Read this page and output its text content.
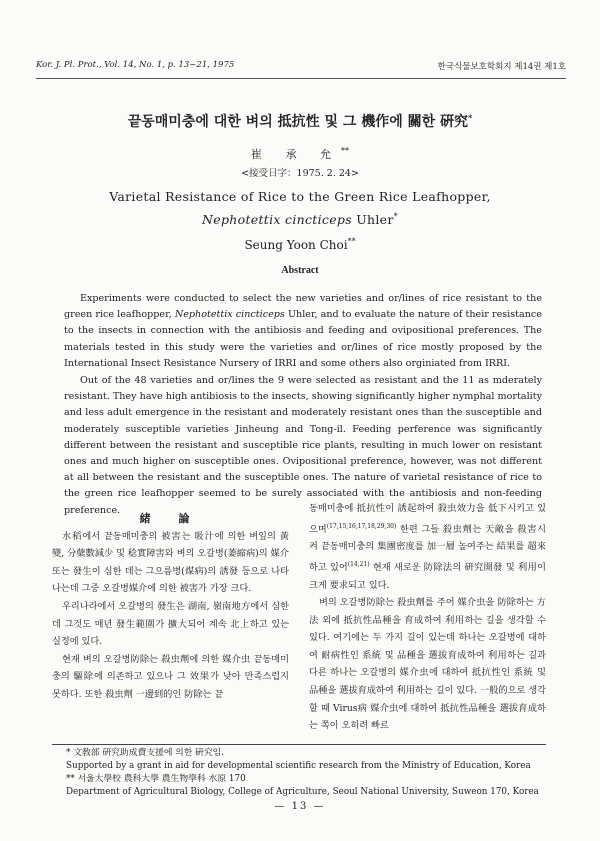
Kor. J. Pl. Prot., Vol. 14, No. 1, p. 13~21, 1975	한국식물보호학회지 제14권 제1호
끝동매미충에 대한 벼의 抵抗性 및 그 機作에 關한 硏究*
崔 承 允**
<接受日字：1975. 2. 24>
Varietal Resistance of Rice to the Green Rice Leafhopper,
Nephotettix cincticeps Uhler*
Seung Yoon Choi**
Abstract

Experiments were conducted to select the new varieties and or/lines of rice resistant to the green rice leafhopper, Nephotettix cincticeps Uhler, and to evaluate the nature of their resistance to the insects in connection with the antibiosis and feeding and ovipositional preferences. The materials tested in this study were the varieties and or/lines of rice mostly proposed by the International Insect Resistance Nursery of IRRI and some others also orginiated from IRRI.

Out of the 48 varieties and or/lines the 9 were selected as resistant and the 11 as mderately resistant. They have high antibiosis to the insects, showing significantly higher nymphal mortality and less adult emergence in the resistant and moderately resistant ones than the susceptible and moderately susceptible varieties Jinheung and Tong-il. Feeding perference was significantly different between the resistant and susceptible rice plants, resulting in much lower on resistant ones and much higher on susceptible ones. Ovipositional preference, however, was not different at all between the resistant and the susceptible ones. The nature of varietal resistance of rice to the green rice leafhopper seemed to be surely associated with the antibiosis and non-feeding preference.

緒 論

水稻에서 끝동매미충의 被害는 吸汁에 의한 벼잎의 黃變, 分蘖數減少 및 稔實障害와 벼의 오갈병(萎縮病)의 媒介 또는 發生이 심한 데는 그으름병(煤病)의 誘發 등으로 나타나는데 그중 오갈병媒介에 의한 被害가 가장 크다.

우리나라에서 오갈병의 發生은 湖南, 嶺南地方에서 심한데 그것도 매년 發生範圍가 擴大되어 계속 北上하고 있는 실정에 있다.

현재 벼의 오갈병防除는 殺虫劑에 의한 媒介虫 끝동매미충의 驅除에 의존하고 있으나 그 效果가 낮아 만족스럽지 못하다. 또한 殺虫劑 一邊到的인 防除는 끝

동매미충에 抵抗性이 誘起하여 殺虫效力을 低下시키고 있으며$^{(17,15,16,17,18,29,30)}$ 한편 그들 殺虫劑는 天敵을 殺害시켜 끝동매미충의 集團密度를 加一層 높여주는 結果를 超來하고 있어$^{(14,21)}$ 현재 새로운 防除法의 硏究開發 및 利用이 크게 要求되고 있다.

벼의 오갈병防除는 殺虫劑를 주어 媒介虫을 防除하는 方法 외에 抵抗性品種을 育成하여 利用하는 길을 생각할 수 있다. 여기에는 두 가지 길이 있는데 하나는 오갈병에 대하여 耐病性인 系統 및 品種을 選拔育成하여 利用하는 길과 다른 하나는 오갈병의 媒介虫에 대하여 抵抗性인 系統 및 品種을 選拔育成하여 利用하는 길이 있다. 一般的으로 생각할 때 Virus病 媒介虫에 대하여 抵抗性品種을 選拔育成하는 쪽이 오히려 빠르

* 文敎部 硏究助成費支援에 의한 硏究임.
Supported by a grant in aid for developmental scientific research from the Ministry of Education, Korea
** 서울大學校 農科大學 農生物學科 水原 170
Department of Agricultural Biology, College of Agriculture, Seoul National University, Suweon 170, Korea
— 13 —
